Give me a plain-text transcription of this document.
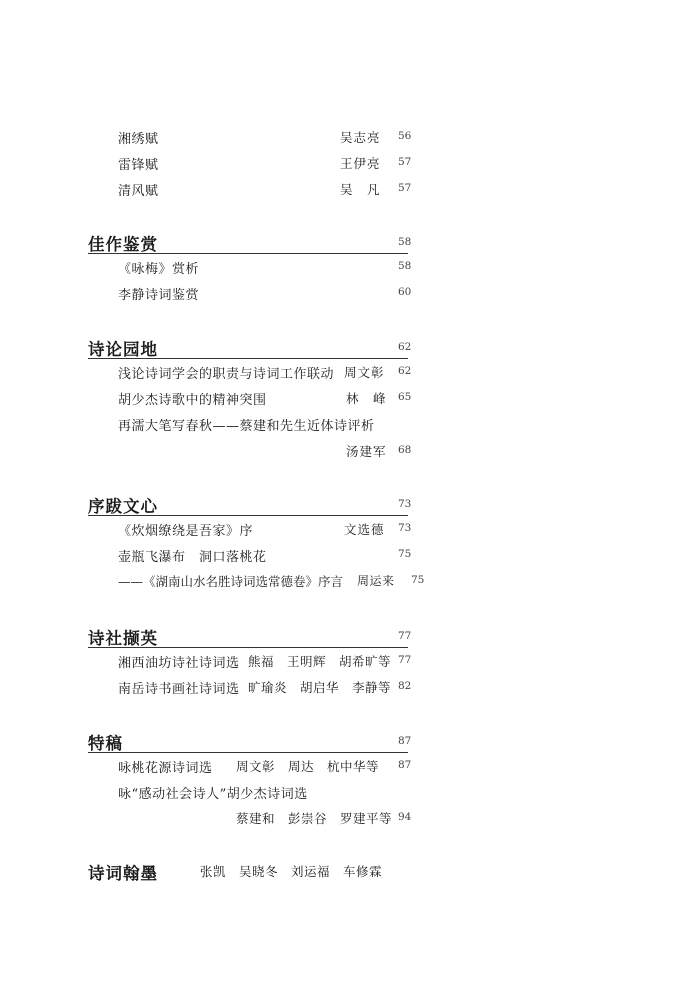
湘绣赋	吴志亮 56
雷锋赋	王伊亮 57
清风赋	吴　凡 57
佳作鉴赏	58
《咏梅》赏析	58
李静诗词鉴赏	60
诗论园地	62
浅论诗词学会的职责与诗词工作联动 周文彰 62
胡少杰诗歌中的精神突围	林　峰 65
再濡大笔写春秋——蔡建和先生近体诗评析
汤建军 68
序跋文心	73
《炊烟缭绕是吾家》序	文选德 73
壶瓶飞瀑布　洞口落桃花	75
——《湖南山水名胜诗词选常德卷》序言 周运来 75
诗社撷英	77
湘西油坊诗社诗词选 熊福　王明辉　胡希旷等 77
南岳诗书画社诗词选 旷瑜炎　胡启华　李静等 82
特稿	87
咏桃花源诗词选 周文彰　周达　杭中华等 87
咏“感动社会诗人”胡少杰诗词选
蔡建和　彭崇谷　罗建平等 94
诗词翰墨	张凯　吴晓冬　刘运福　车修霖
